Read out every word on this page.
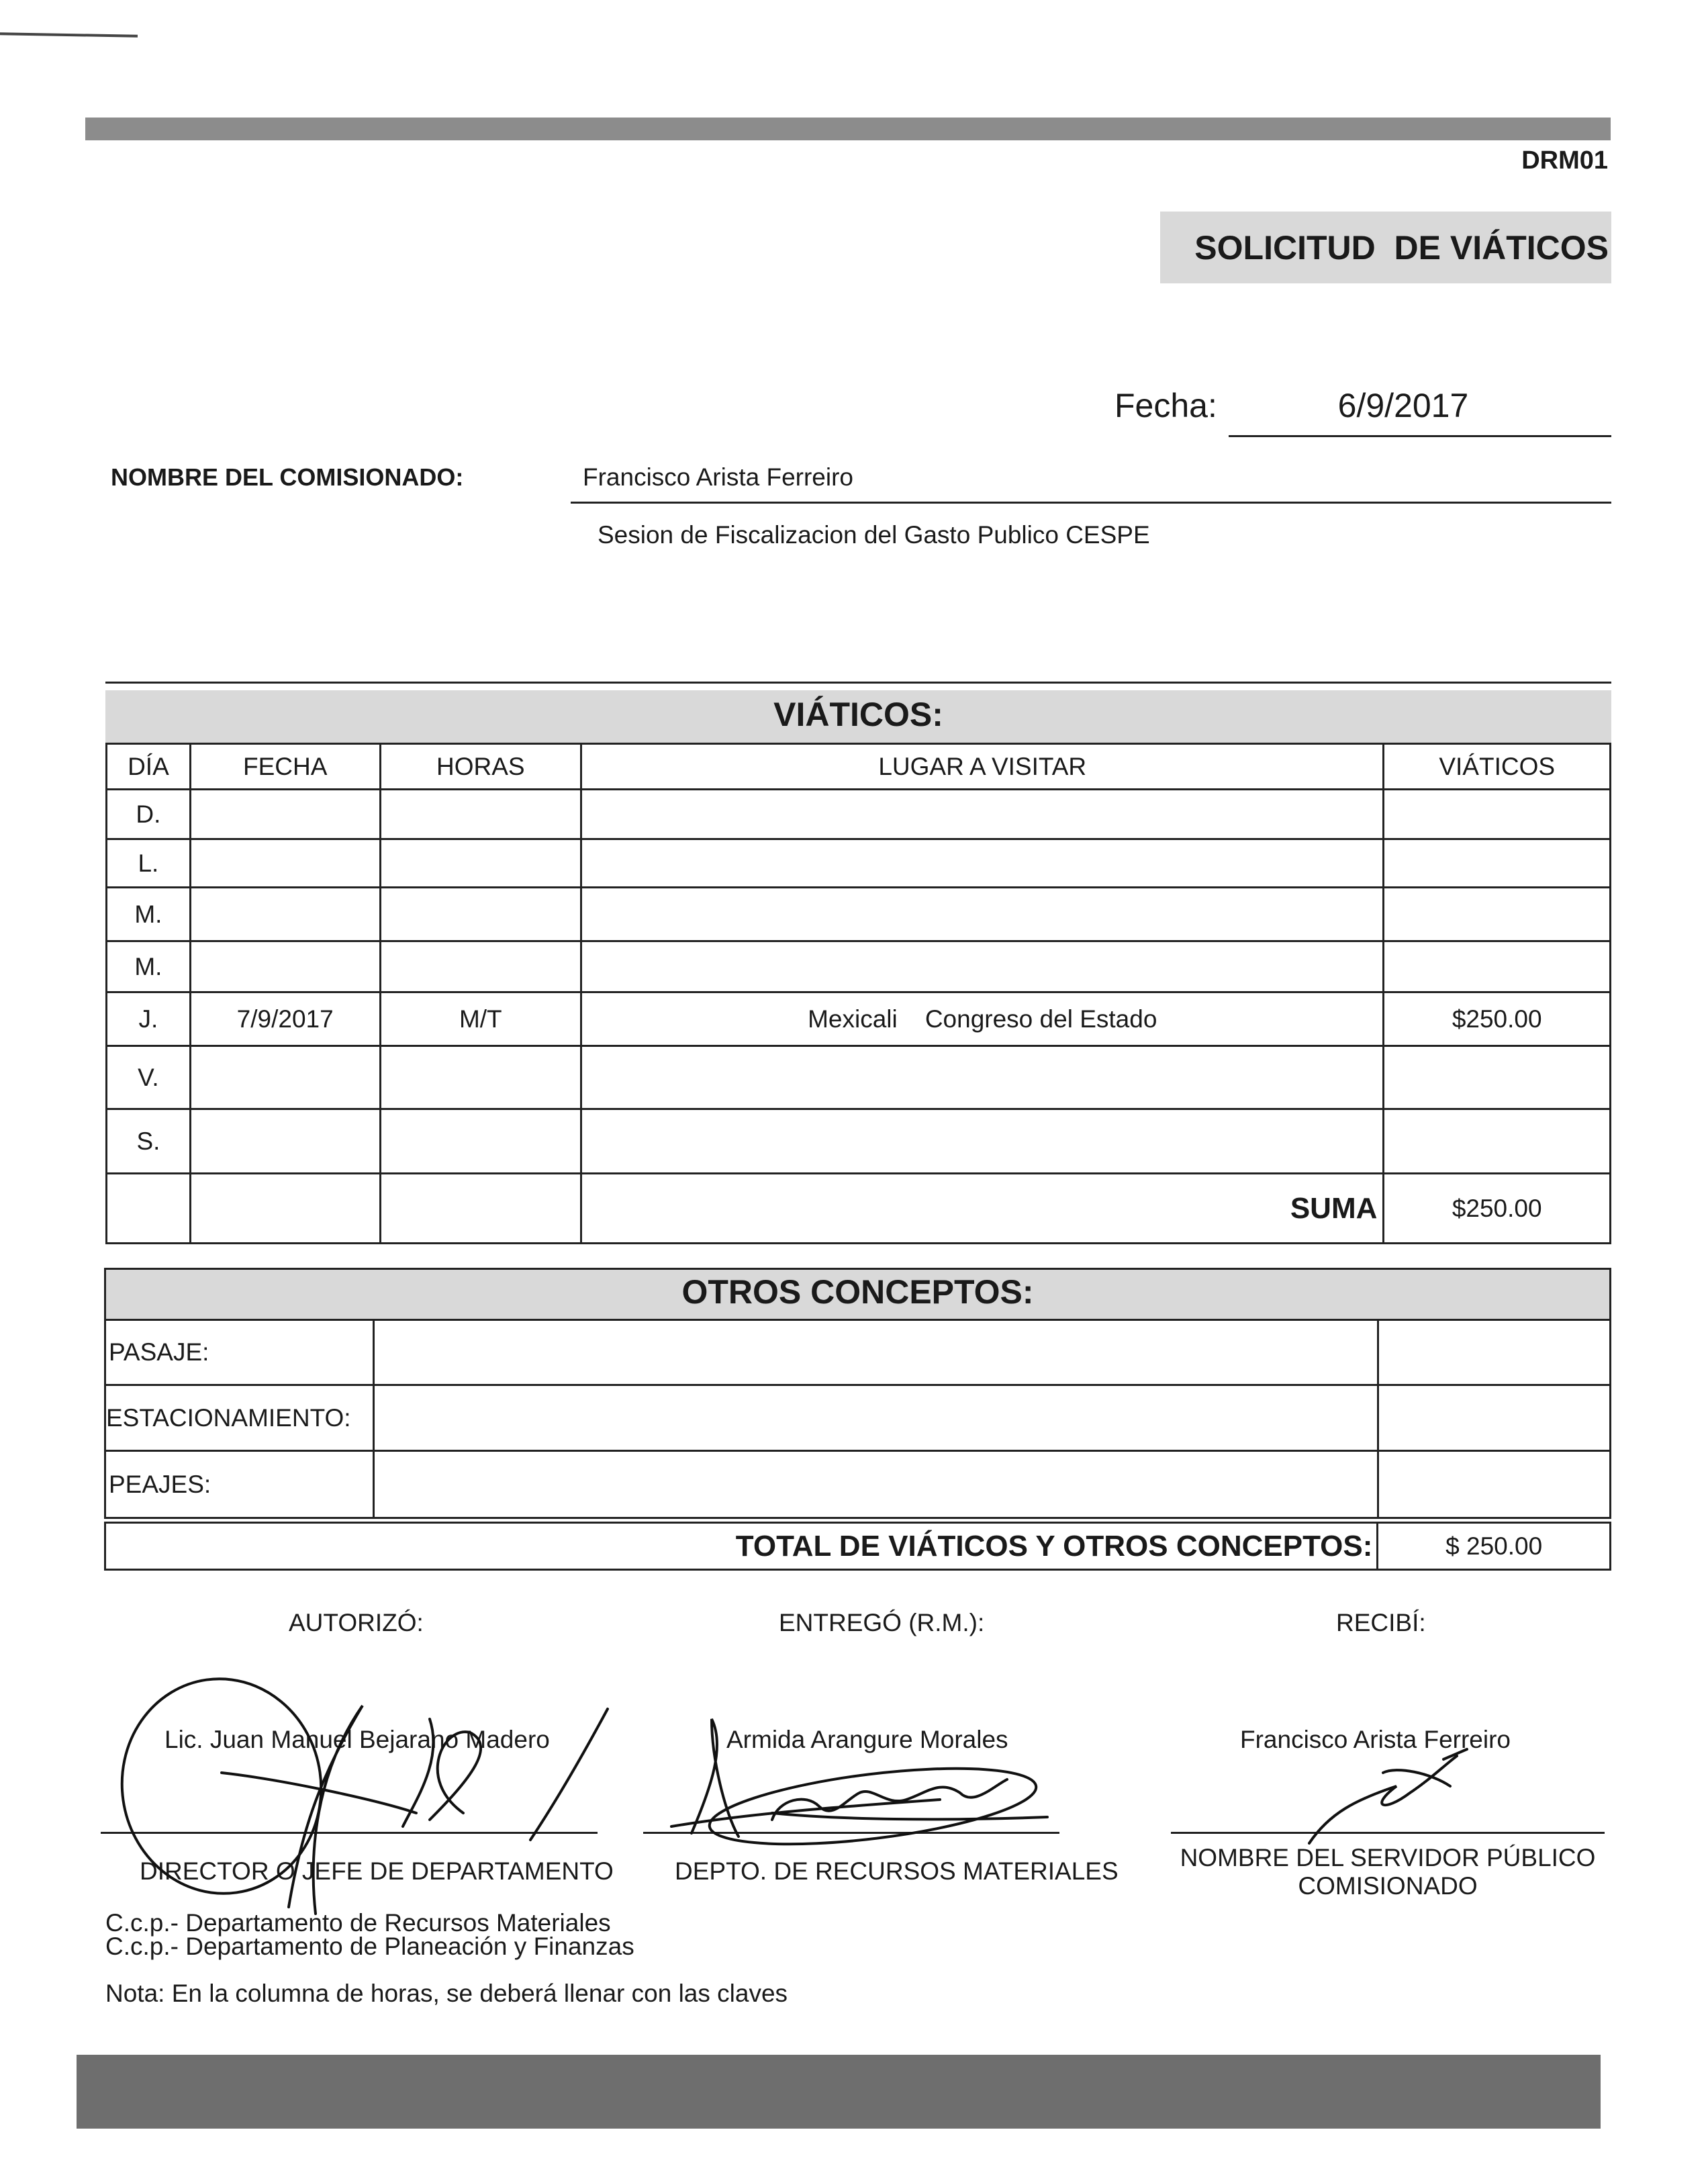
DRM01
SOLICITUD  DE VIÁTICOS
Fecha:	6/9/2017
NOMBRE DEL COMISIONADO:	Francisco Arista Ferreiro
Sesion de Fiscalizacion del Gasto Publico CESPE
VIÁTICOS:
DÍA	FECHA	HORAS	LUGAR A VISITAR	VIÁTICOS
D.				
L.				
M.				
M.				
J.	7/9/2017	M/T	Mexicali    Congreso del Estado	$250.00
V.				
S.				
			SUMA	$250.00
OTROS CONCEPTOS:
PASAJE:		
ESTACIONAMIENTO:		
PEAJES:		
TOTAL DE VIÁTICOS Y OTROS CONCEPTOS:	$ 250.00
AUTORIZÓ:	ENTREGÓ (R.M.):	RECIBÍ:
Lic. Juan Manuel Bejarano Madero	Armida Arangure Morales	Francisco Arista Ferreiro
DIRECTOR O JEFE DE DEPARTAMENTO DEPTO. DE RECURSOS MATERIALES	NOMBRE DEL SERVIDOR PÚBLICO
COMISIONADO
C.c.p.- Departamento de Recursos Materiales
C.c.p.- Departamento de Planeación y Finanzas
Nota: En la columna de horas, se deberá llenar con las claves
